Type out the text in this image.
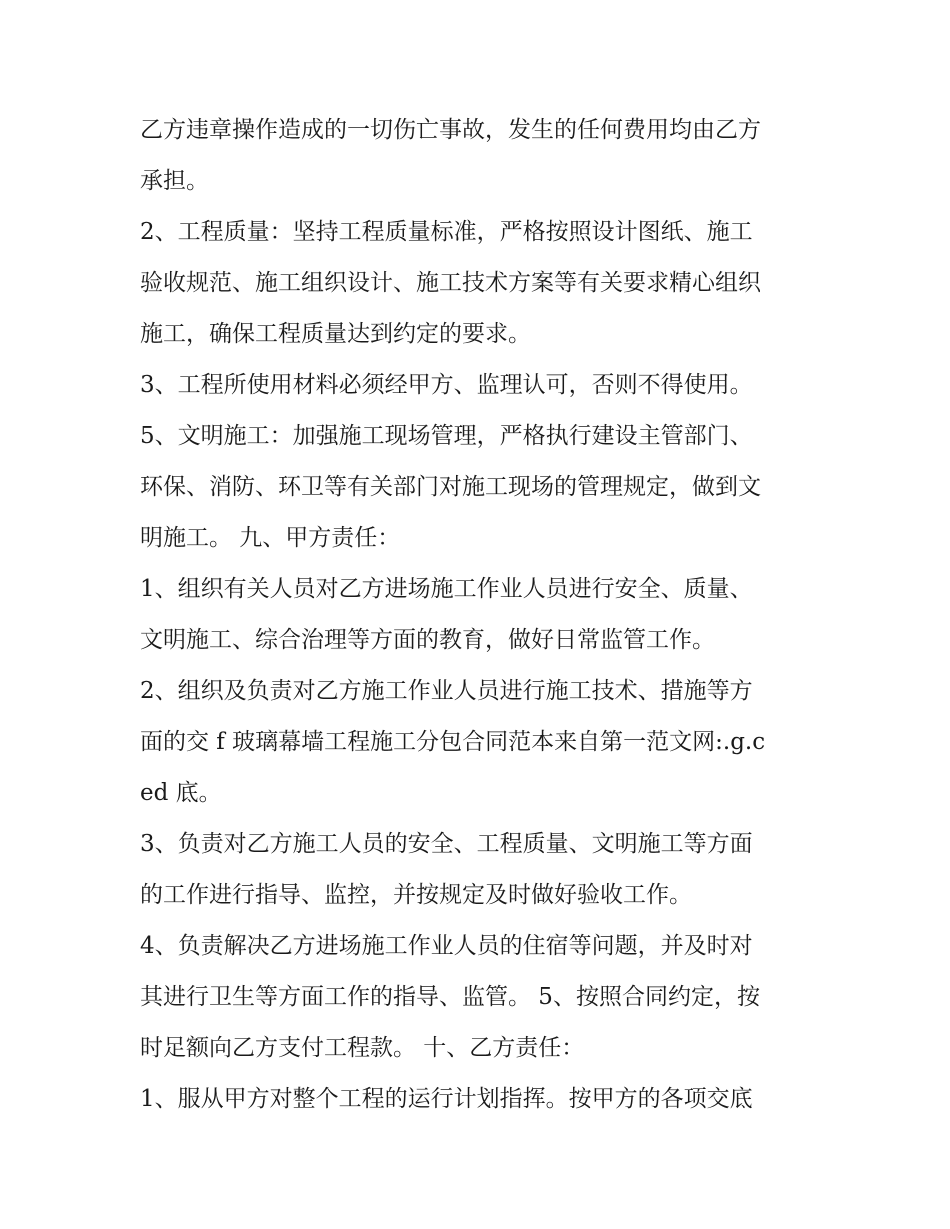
乙方违章操作造成的一切伤亡事故，发生的任何费用均由乙方
承担。
2、工程质量：坚持工程质量标准，严格按照设计图纸、施工
验收规范、施工组织设计、施工技术方案等有关要求精心组织
施工，确保工程质量达到约定的要求。
3、工程所使用材料必须经甲方、监理认可，否则不得使用。
5、文明施工：加强施工现场管理，严格执行建设主管部门、
环保、消防、环卫等有关部门对施工现场的管理规定，做到文
明施工。 九、甲方责任：
1、组织有关人员对乙方进场施工作业人员进行安全、质量、
文明施工、综合治理等方面的教育，做好日常监管工作。
2、组织及负责对乙方施工作业人员进行施工技术、措施等方
面的交 f 玻璃幕墙工程施工分包合同范本来自第一范文网:.g.c
ed 底。
3、负责对乙方施工人员的安全、工程质量、文明施工等方面
的工作进行指导、监控，并按规定及时做好验收工作。
4、负责解决乙方进场施工作业人员的住宿等问题，并及时对
其进行卫生等方面工作的指导、监管。 5、按照合同约定，按
时足额向乙方支付工程款。 十、乙方责任：
1、服从甲方对整个工程的运行计划指挥。按甲方的各项交底
